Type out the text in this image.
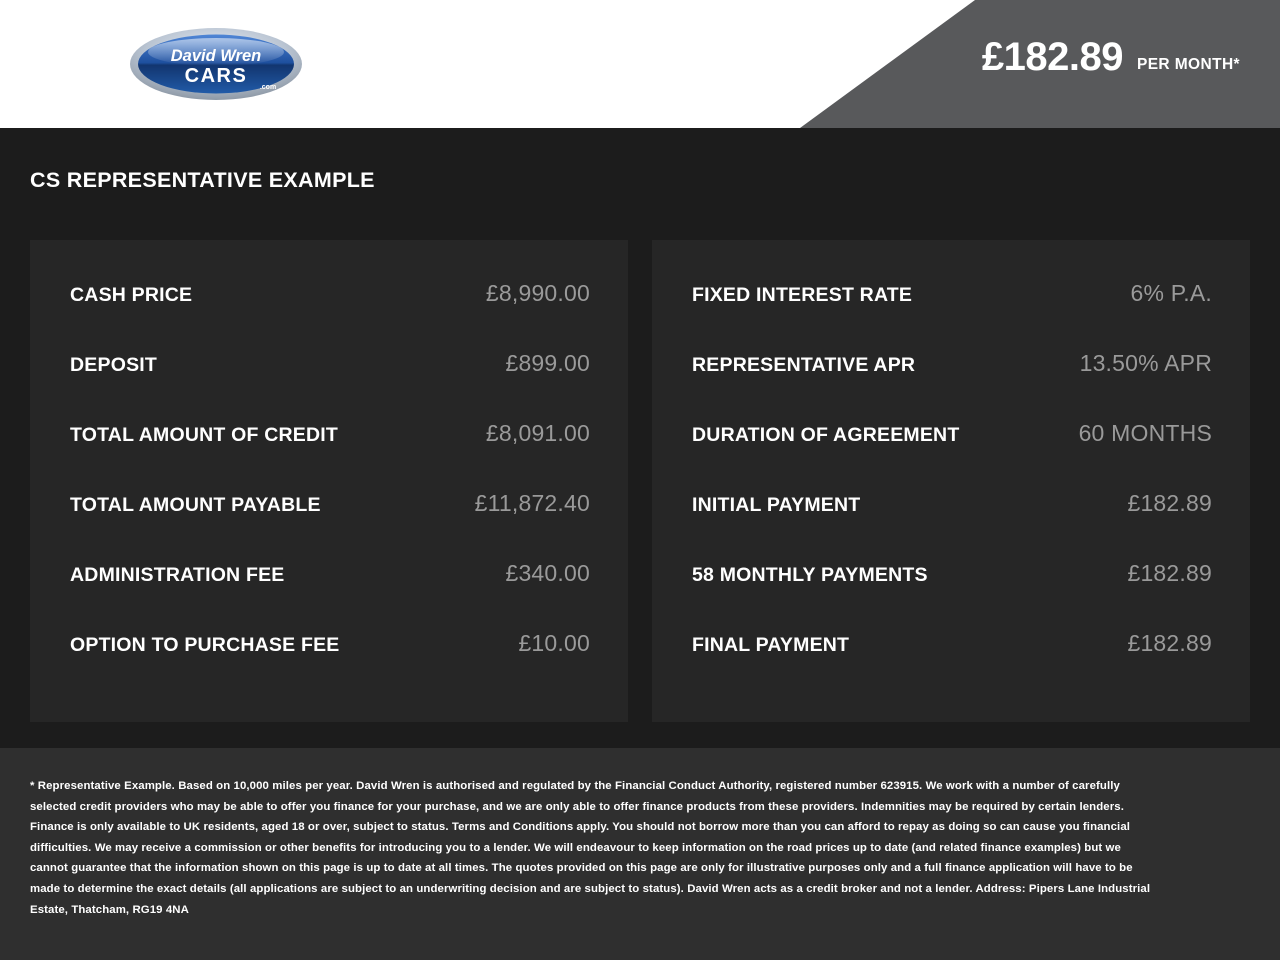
David Wren
CARS
.com
£182.89 PER MONTH*
CS REPRESENTATIVE EXAMPLE
CASH PRICE	£8,990.00
DEPOSIT	£899.00
TOTAL AMOUNT OF CREDIT	£8,091.00
TOTAL AMOUNT PAYABLE	£11,872.40
ADMINISTRATION FEE	£340.00
OPTION TO PURCHASE FEE	£10.00
FIXED INTEREST RATE	6% P.A.
REPRESENTATIVE APR	13.50% APR
DURATION OF AGREEMENT	60 MONTHS
INITIAL PAYMENT	£182.89
58 MONTHLY PAYMENTS	£182.89
FINAL PAYMENT	£182.89

* Representative Example. Based on 10,000 miles per year. David Wren is authorised and regulated by the Financial Conduct Authority, registered number 623915. We work with a number of carefully selected credit providers who may be able to offer you finance for your purchase, and we are only able to offer finance products from these providers. Indemnities may be required by certain lenders. Finance is only available to UK residents, aged 18 or over, subject to status. Terms and Conditions apply. You should not borrow more than you can afford to repay as doing so can cause you financial difficulties. We may receive a commission or other benefits for introducing you to a lender. We will endeavour to keep information on the road prices up to date (and related finance examples) but we cannot guarantee that the information shown on this page is up to date at all times. The quotes provided on this page are only for illustrative purposes only and a full finance application will have to be made to determine the exact details (all applications are subject to an underwriting decision and are subject to status). David Wren acts as a credit broker and not a lender. Address: Pipers Lane Industrial Estate, Thatcham, RG19 4NA
